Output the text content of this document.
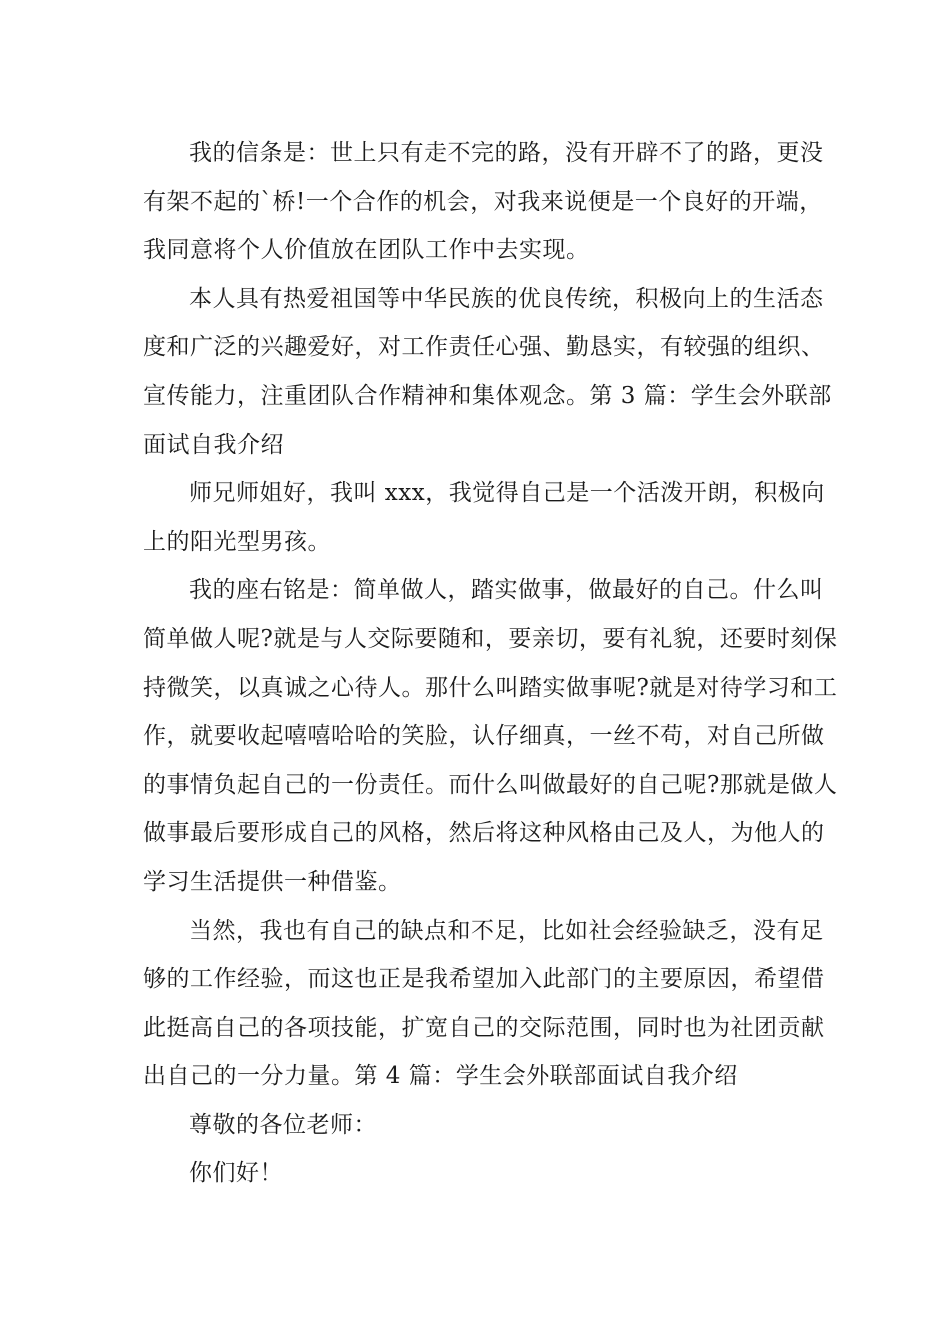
我的信条是：世上只有走不完的路，没有开辟不了的路，更没
有架不起的`桥!一个合作的机会，对我来说便是一个良好的开端，
我同意将个人价值放在团队工作中去实现。

本人具有热爱祖国等中华民族的优良传统，积极向上的生活态
度和广泛的兴趣爱好，对工作责任心强、勤恳实，有较强的组织、
宣传能力，注重团队合作精神和集体观念。第 3 篇：学生会外联部
面试自我介绍

师兄师姐好，我叫 xxx，我觉得自己是一个活泼开朗，积极向
上的阳光型男孩。

我的座右铭是：简单做人，踏实做事，做最好的自己。什么叫
简单做人呢?就是与人交际要随和，要亲切，要有礼貌，还要时刻保
持微笑，以真诚之心待人。那什么叫踏实做事呢?就是对待学习和工
作，就要收起嘻嘻哈哈的笑脸，认仔细真，一丝不苟，对自己所做
的事情负起自己的一份责任。而什么叫做最好的自己呢?那就是做人
做事最后要形成自己的风格，然后将这种风格由己及人，为他人的
学习生活提供一种借鉴。

当然，我也有自己的缺点和不足，比如社会经验缺乏，没有足
够的工作经验，而这也正是我希望加入此部门的主要原因，希望借
此挺高自己的各项技能，扩宽自己的交际范围，同时也为社团贡献
出自己的一分力量。第 4 篇：学生会外联部面试自我介绍

尊敬的各位老师：

你们好！
